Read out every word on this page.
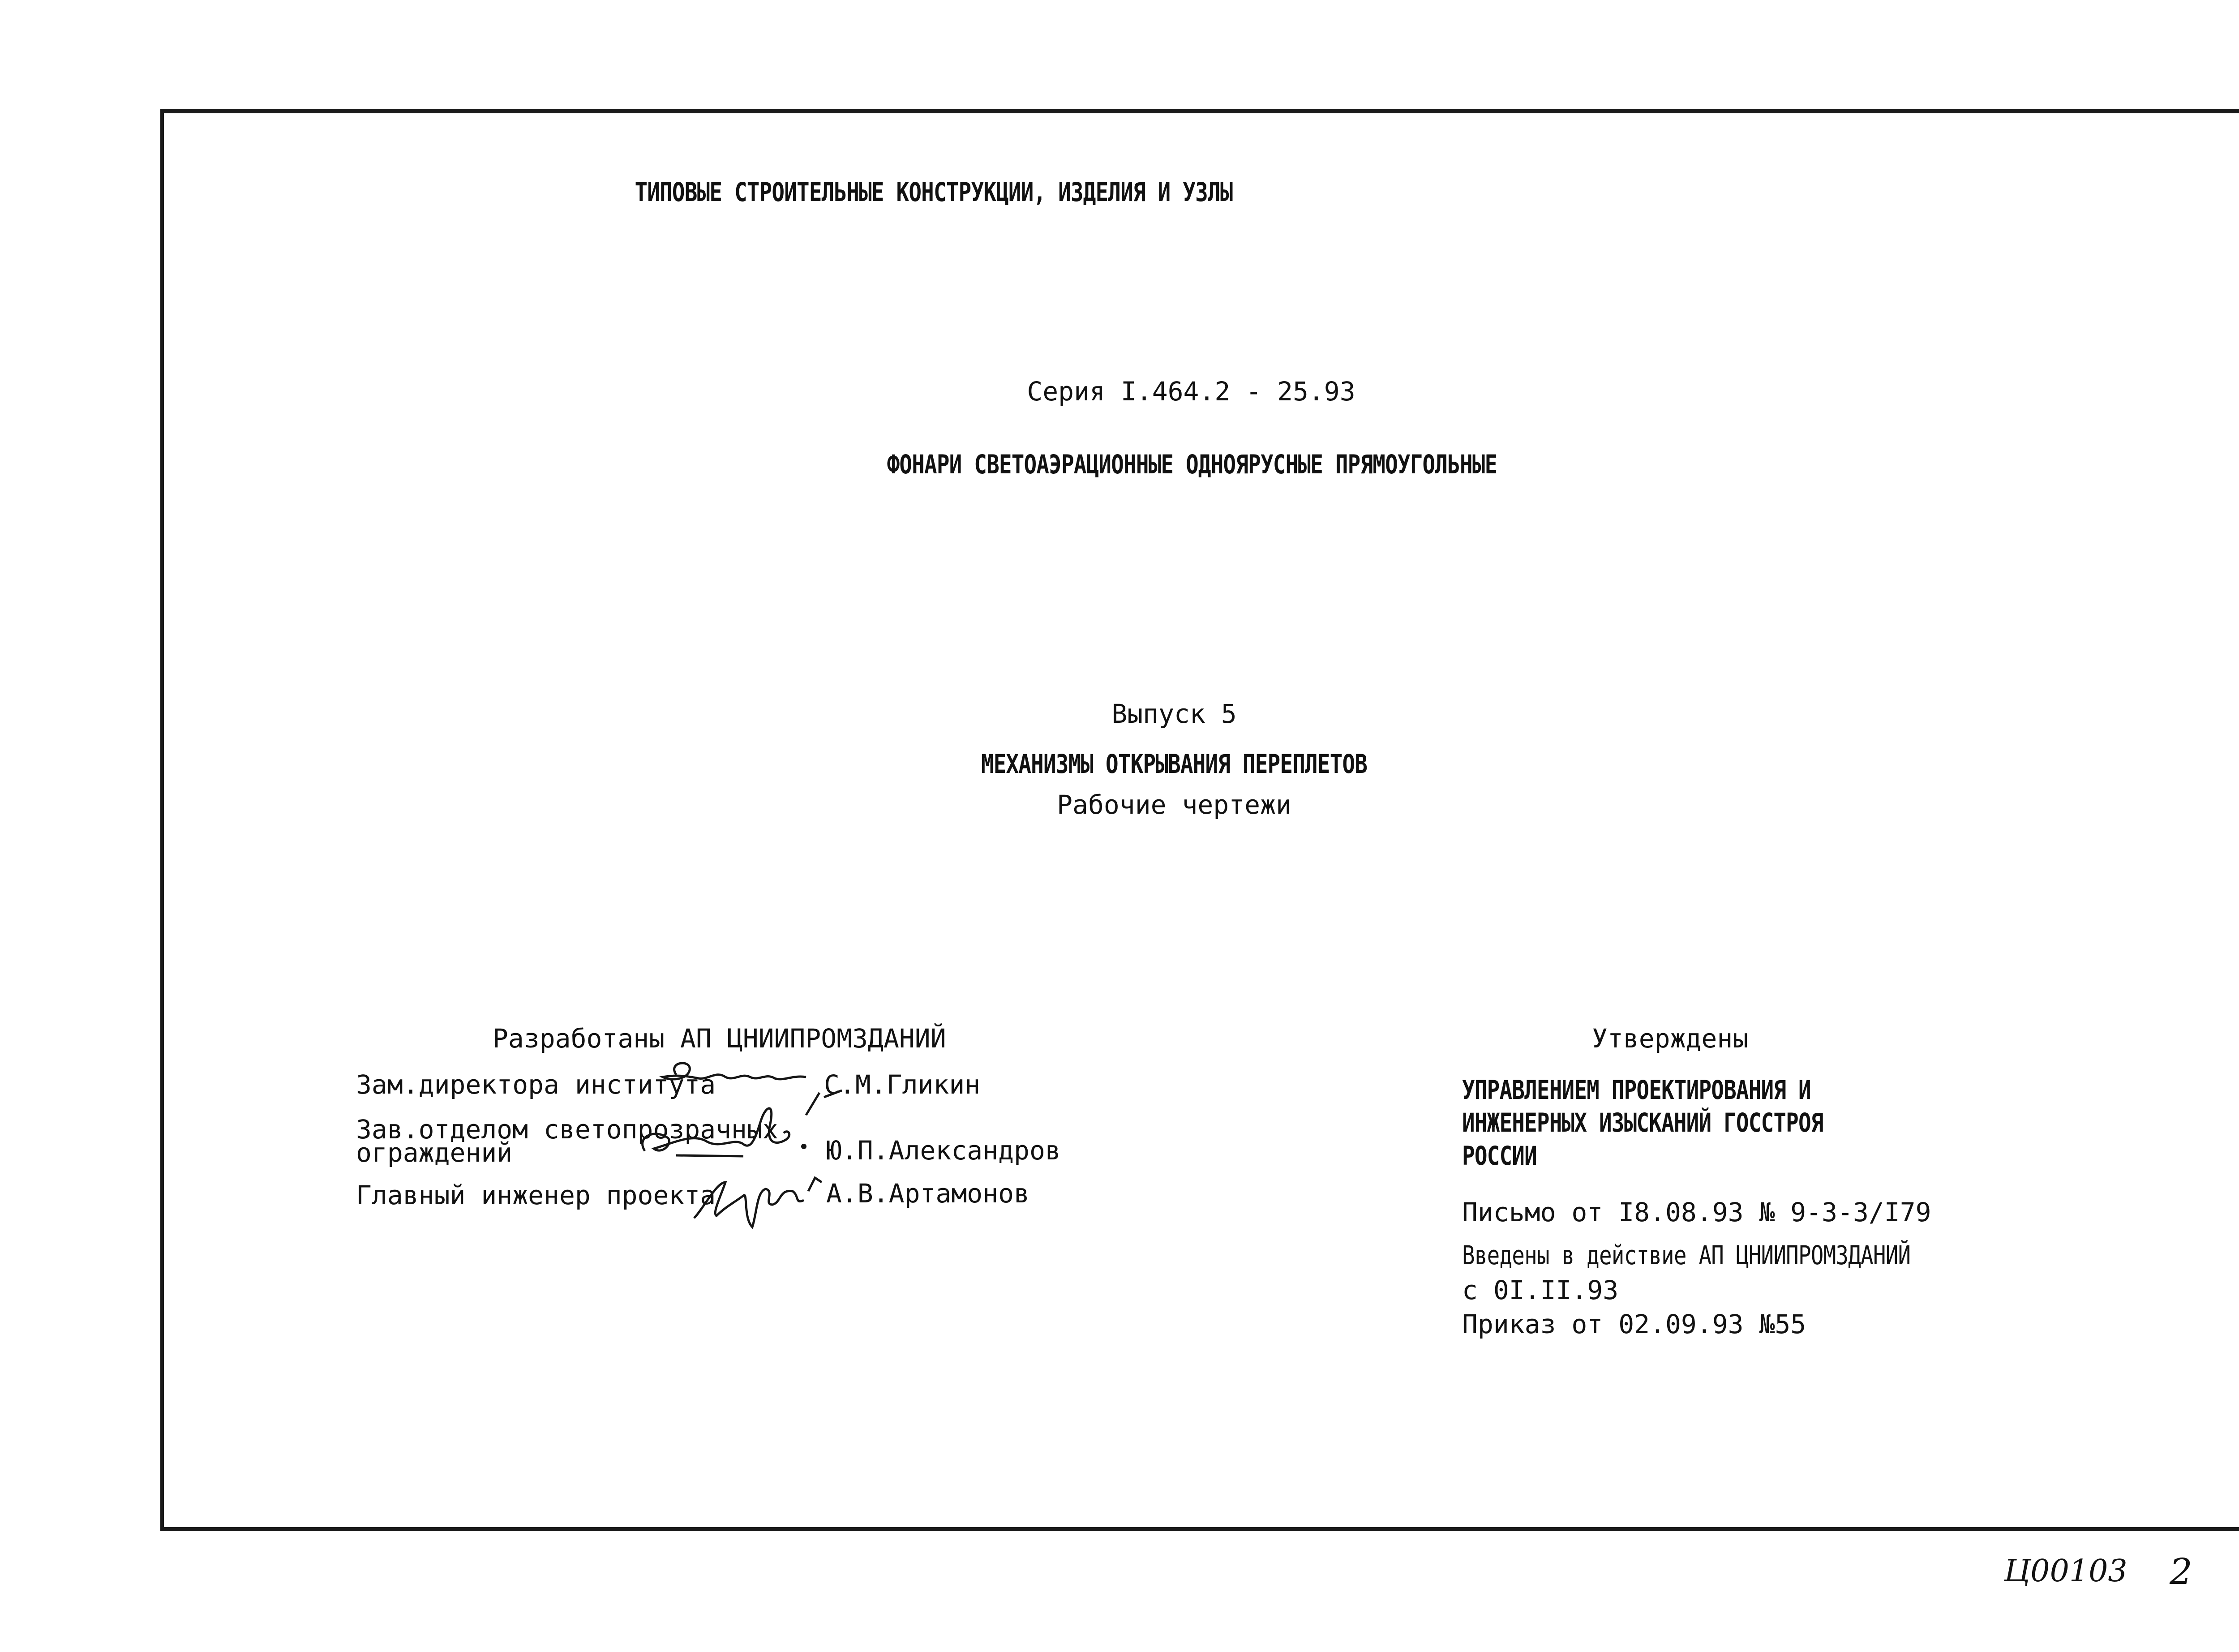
ТИПОВЫЕ СТРОИТЕЛЬНЫЕ КОНСТРУКЦИИ, ИЗДЕЛИЯ И УЗЛЫ
Серия I.464.2 - 25.93
ФОНАРИ СВЕТОАЭРАЦИОННЫЕ ОДНОЯРУСНЫЕ ПРЯМОУГОЛЬНЫЕ
Выпуск 5
МЕХАНИЗМЫ ОТКРЫВАНИЯ ПЕРЕПЛЕТОВ
Рабочие чертежи
Разработаны АП ЦНИИПРОМЗДАНИЙ
Зам.директора института	С.М.Гликин
Зав.отделом светопрозрачных
ограждений	Ю.П.Александров
Главный инженер проекта	А.В.Артамонов
Утверждены
УПРАВЛЕНИЕМ ПРОЕКТИРОВАНИЯ И
ИНЖЕНЕРНЫХ ИЗЫСКАНИЙ ГОССТРОЯ
РОССИИ
Письмо от I8.08.93 № 9-3-3/I79
Введены в действие АП ЦНИИПРОМЗДАНИЙ
с 0I.II.93
Приказ от 02.09.93 №55
Ц00103 2
